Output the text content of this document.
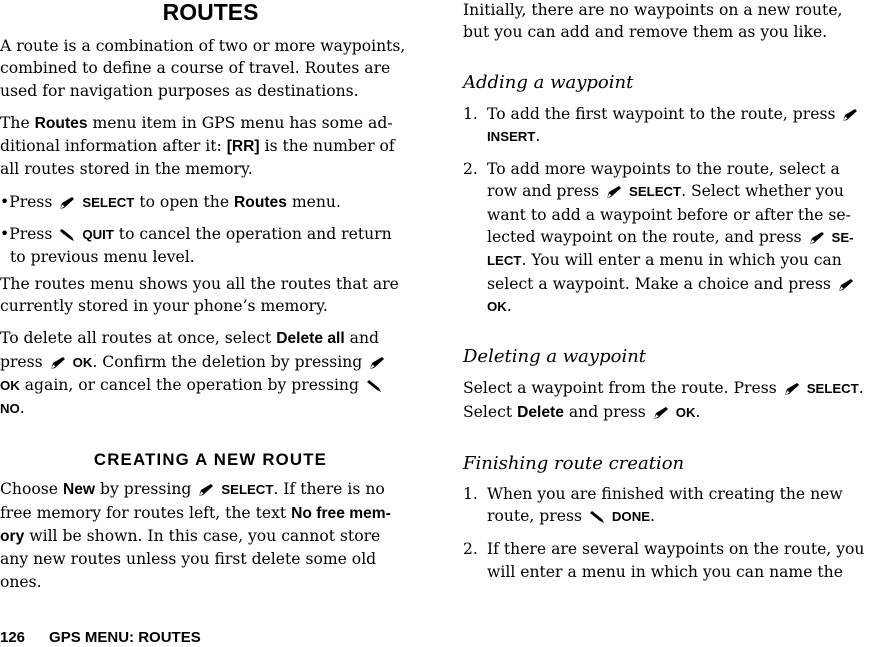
ROUTES

A route is a combination of two or more waypoints,
combined to define a course of travel. Routes are
used for navigation purposes as destinations.

The Routes menu item in GPS menu has some ad-
ditional information after it: [RR] is the number of
all routes stored in the memory.

•Press SELECT to open the Routes menu.

•Press QUIT to cancel the operation and return
to previous menu level.

The routes menu shows you all the routes that are
currently stored in your phone’s memory.

To delete all routes at once, select Delete all and
press OK. Confirm the deletion by pressing
OK again, or cancel the operation by pressing
NO.

CREATING A NEW ROUTE

Choose New by pressing SELECT. If there is no
free memory for routes left, the text No free mem-
ory will be shown. In this case, you cannot store
any new routes unless you first delete some old
ones.

Initially, there are no waypoints on a new route,
but you can add and remove them as you like.

Adding a waypoint

1. To add the first waypoint to the route, press
INSERT.

2. To add more waypoints to the route, select a
row and press SELECT. Select whether you
want to add a waypoint before or after the se-
lected waypoint on the route, and press SE-
LECT. You will enter a menu in which you can
select a waypoint. Make a choice and press
OK.

Deleting a waypoint

Select a waypoint from the route. Press SELECT.
Select Delete and press OK.

Finishing route creation

1. When you are finished with creating the new
route, press DONE.

2. If there are several waypoints on the route, you
will enter a menu in which you can name the

126 GPS MENU: ROUTES
